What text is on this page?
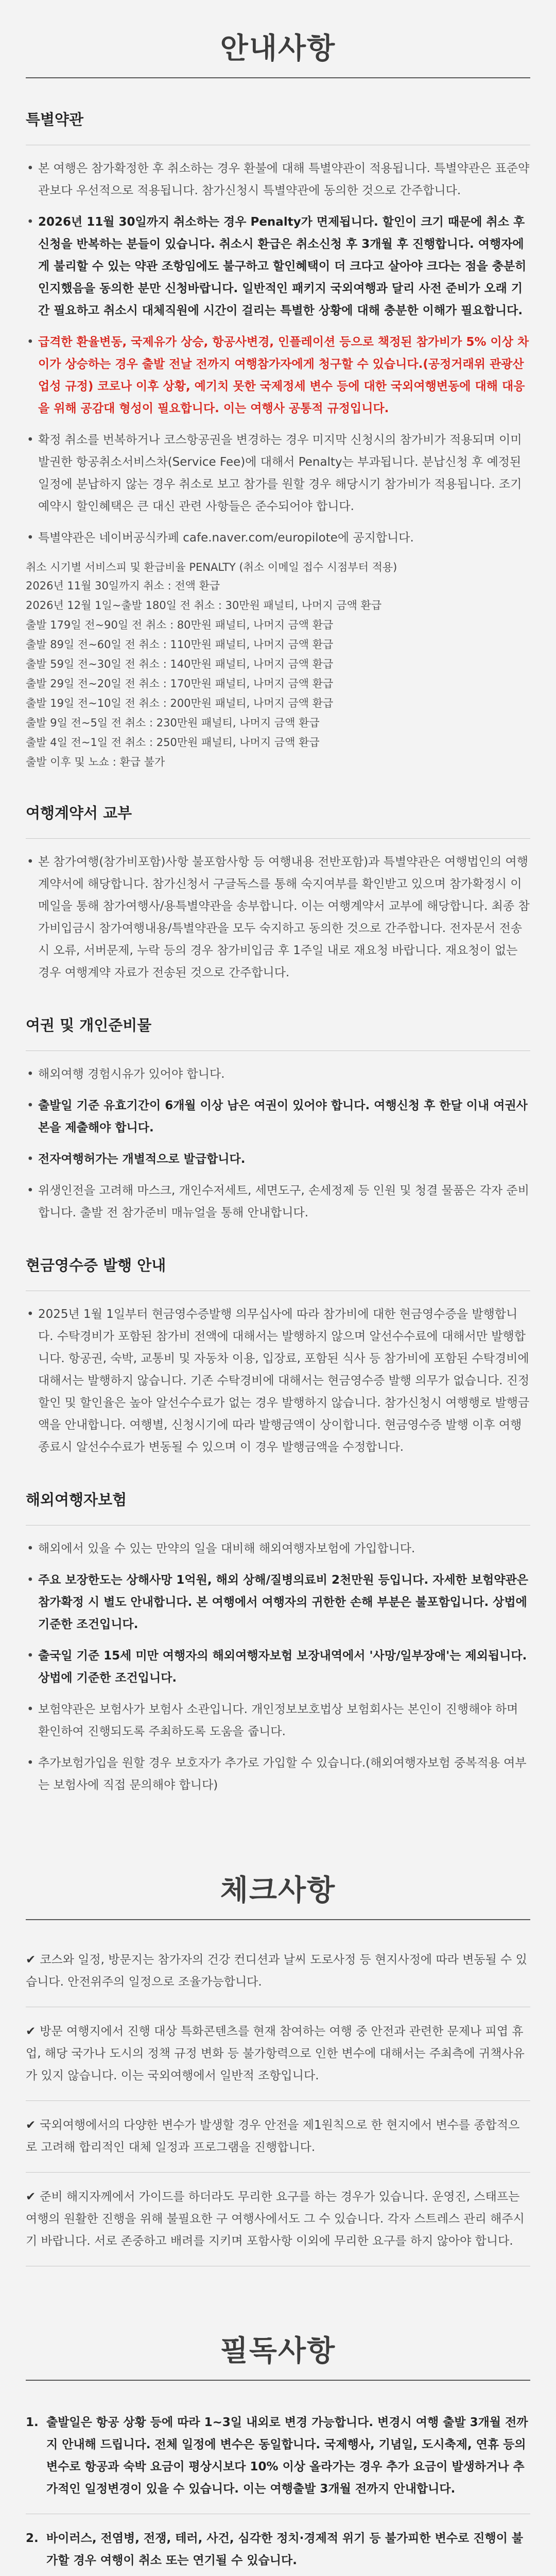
안내사항
특별약관
• 본 여행은 참가확정한 후 취소하는 경우 환불에 대해 특별약관이 적용됩니다. 특별약관은 표준약관보다 우선적으로 적용됩니다. 참가신청시 특별약관에 동의한 것으로 간주합니다.
• 2026년 11월 30일까지 취소하는 경우 Penalty가 면제됩니다. 할인이 크기 때문에 취소 후 신청을 반복하는 분들이 있습니다. 취소시 환급은 취소신청 후 3개월 후 진행합니다. 여행자에게 불리할 수 있는 약관 조항임에도 불구하고 할인혜택이 더 크다고 살아야 크다는 점을 충분히 인지했음을 동의한 분만 신청바랍니다. 일반적인 패키지 국외여행과 달리 사전 준비가 오래 기간 필요하고 취소시 대체직원에 시간이 걸리는 특별한 상황에 대해 충분한 이해가 필요합니다.
• 급격한 환율변동, 국제유가 상승, 항공사변경, 인플레이션 등으로 책정된 참가비가 5% 이상 차이가 상승하는 경우 출발 전날 전까지 여행참가자에게 청구할 수 있습니다.(공정거래위 관광산업성 규정) 코로나 이후 상황, 예기치 못한 국제정세 변수 등에 대한 국외여행변동에 대해 대응을 위해 공감대 형성이 필요합니다. 이는 여행사 공통적 규정입니다.
• 확정 취소를 번복하거나 코스항공권을 변경하는 경우 미지막 신청시의 참가비가 적용되며 이미 발권한 항공취소서비스차(Service Fee)에 대해서 Penalty는 부과됩니다. 분납신청 후 예정된 일정에 분납하지 않는 경우 취소로 보고 참가를 원할 경우 해당시기 참가비가 적용됩니다. 조기예약시 할인혜택은 큰 대신 관련 사항들은 준수되어야 합니다.
• 특별약관은 네이버공식카페 cafe.naver.com/europilote에 공지합니다.
취소 시기별 서비스피 및 환급비율 PENALTY (취소 이메일 접수 시점부터 적용)
2026년 11월 30일까지 취소 : 전액 환급
2026년 12월 1일~출발 180일 전 취소 : 30만원 패널티, 나머지 금액 환급
출발 179일 전~90일 전 취소 : 80만원 패널티, 나머지 금액 환급
출발 89일 전~60일 전 취소 : 110만원 패널티, 나머지 금액 환급
출발 59일 전~30일 전 취소 : 140만원 패널티, 나머지 금액 환급
출발 29일 전~20일 전 취소 : 170만원 패널티, 나머지 금액 환급
출발 19일 전~10일 전 취소 : 200만원 패널티, 나머지 금액 환급
출발 9일 전~5일 전 취소 : 230만원 패널티, 나머지 금액 환급
출발 4일 전~1일 전 취소 : 250만원 패널티, 나머지 금액 환급
출발 이후 및 노쇼 : 환급 불가
여행계약서 교부
• 본 참가여행(참가비포함)사항 불포함사항 등 여행내용 전반포함)과 특별약관은 여행법인의 여행계약서에 해당합니다. 참가신청서 구글독스를 통해 숙지여부를 확인받고 있으며 참가확정시 이메일을 통해 참가여행사/용특별약관을 송부합니다. 이는 여행계약서 교부에 해당합니다. 최종 참가비입금시 참가여행내용/특별약관을 모두 숙지하고 동의한 것으로 간주합니다. 전자문서 전송시 오류, 서버문제, 누락 등의 경우 참가비입금 후 1주일 내로 재요청 바랍니다. 재요청이 없는 경우 여행계약 자료가 전송된 것으로 간주합니다.
여권 및 개인준비물
• 해외여행 경험시유가 있어야 합니다.
• 출발일 기준 유효기간이 6개월 이상 남은 여권이 있어야 합니다. 여행신청 후 한달 이내 여권사본을 제출해야 합니다.
• 전자여행허가는 개별적으로 발급합니다.
• 위생인전을 고려해 마스크, 개인수저세트, 세면도구, 손세정제 등 인원 및 청결 물품은 각자 준비합니다. 출발 전 참가준비 매뉴얼을 통해 안내합니다.
현금영수증 발행 안내
• 2025년 1월 1일부터 현금영수증발행 의무십사에 따라 참가비에 대한 현금영수증을 발행합니다. 수탁경비가 포함된 참가비 전액에 대해서는 발행하지 않으며 알선수수료에 대해서만 발행합니다. 항공권, 숙박, 교통비 및 자동차 이용, 입장료, 포함된 식사 등 참가비에 포함된 수탁경비에 대해서는 발행하지 않습니다. 기존 수탁경비에 대해서는 현금영수증 발행 의무가 없습니다. 진정할인 및 할인율은 높아 알선수수료가 없는 경우 발행하지 않습니다. 참가신청시 여행행로 발행금액을 안내합니다. 여행별, 신청시기에 따라 발행금액이 상이합니다. 현금영수증 발행 이후 여행 종료시 알선수수료가 변동될 수 있으며 이 경우 발행금액을 수정합니다.
해외여행자보험
• 해외에서 있을 수 있는 만약의 일을 대비해 해외여행자보험에 가입합니다.
• 주요 보장한도는 상해사망 1억원, 해외 상해/질병의료비 2천만원 등입니다. 자세한 보험약관은 참가확정 시 별도 안내합니다. 본 여행에서 여행자의 귀한한 손해 부분은 불포함입니다. 상법에 기준한 조건입니다.
• 출국일 기준 15세 미만 여행자의 해외여행자보험 보장내역에서 '사망/일부장애'는 제외됩니다. 상법에 기준한 조건입니다.
• 보험약관은 보험사가 보험사 소관입니다. 개인정보보호법상 보험회사는 본인이 진행해야 하며 환인하여 진행되도록 주최하도록 도움을 줍니다.
• 추가보험가입을 원할 경우 보호자가 추가로 가입할 수 있습니다.(해외여행자보험 중복적용 여부는 보험사에 직접 문의해야 합니다)
체크사항
✔ 코스와 일정, 방문지는 참가자의 건강 컨디션과 날씨 도로사정 등 현지사정에 따라 변동될 수 있습니다. 안전위주의 일정으로 조율가능합니다.
✔ 방문 여행지에서 진행 대상 특화콘텐츠를 현재 참여하는 여행 중 안전과 관련한 문제나 피엽 휴업, 해당 국가나 도시의 정책 규정 변화 등 불가항력으로 인한 변수에 대해서는 주최측에 귀책사유가 있지 않습니다. 이는 국외여행에서 일반적 조항입니다.
✔ 국외여행에서의 다양한 변수가 발생할 경우 안전을 제1원칙으로 한 현지에서 변수를 종합적으로 고려해 합리적인 대체 일정과 프로그램을 진행합니다.
✔ 준비 해지자께에서 가이드를 하더라도 무리한 요구를 하는 경우가 있습니다. 운영진, 스태프는 여행의 원활한 진행을 위해 불필요한 구 여행사에서도 그 수 있습니다. 각자 스트레스 관리 해주시기 바랍니다. 서로 존중하고 배려를 지키며 포함사항 이외에 무리한 요구를 하지 않아야 합니다.
필독사항
1. 출발일은 항공 상황 등에 따라 1~3일 내외로 변경 가능합니다. 변경시 여행 출발 3개월 전까지 안내해 드립니다. 전체 일정에 변수은 동일합니다. 국제행사, 기념일, 도시축제, 연휴 등의 변수로 항공과 숙박 요금이 평상시보다 10% 이상 올라가는 경우 추가 요금이 발생하거나 추가적인 일정변경이 있을 수 있습니다. 이는 여행출발 3개월 전까지 안내합니다.
2. 바이러스, 전염병, 전쟁, 테러, 사건, 심각한 정치·경제적 위기 등 불가피한 변수로 진행이 불가할 경우 여행이 취소 또는 연기될 수 있습니다.
